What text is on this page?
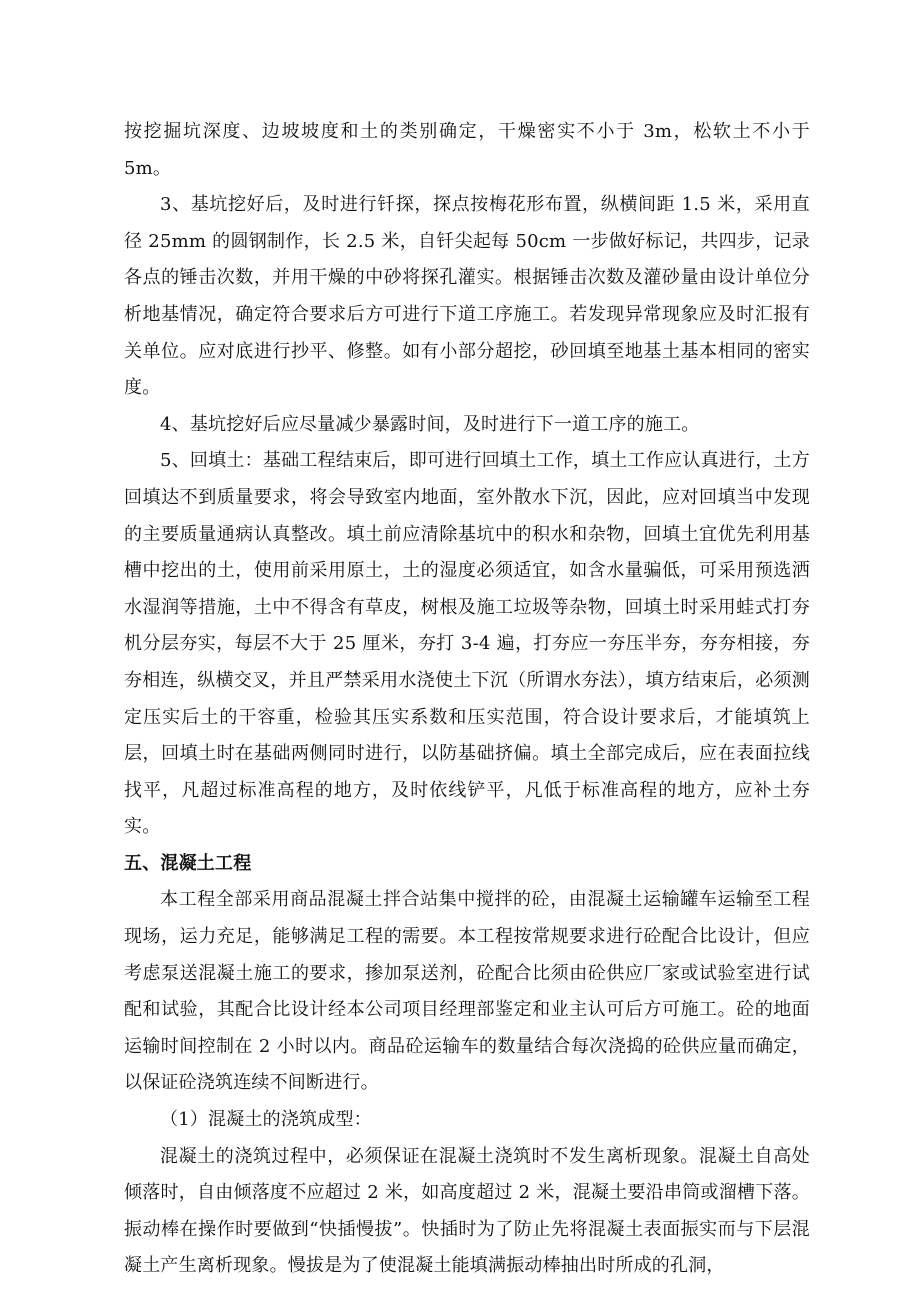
按挖掘坑深度、边坡坡度和土的类别确定，干燥密实不小于 3m，松软土不小于 5m。

3、基坑挖好后，及时进行钎探，探点按梅花形布置，纵横间距 1.5 米，采用直径 25mm 的圆钢制作，长 2.5 米，自钎尖起每 50cm 一步做好标记，共四步，记录各点的锤击次数，并用干燥的中砂将探孔灌实。根据锤击次数及灌砂量由设计单位分析地基情况，确定符合要求后方可进行下道工序施工。若发现异常现象应及时汇报有关单位。应对底进行抄平、修整。如有小部分超挖，砂回填至地基土基本相同的密实度。

4、基坑挖好后应尽量减少暴露时间，及时进行下一道工序的施工。

5、回填土：基础工程结束后，即可进行回填土工作，填土工作应认真进行，土方回填达不到质量要求，将会导致室内地面，室外散水下沉，因此，应对回填当中发现的主要质量通病认真整改。填土前应清除基坑中的积水和杂物，回填土宜优先利用基槽中挖出的土，使用前采用原土，土的湿度必须适宜，如含水量骗低，可采用预选洒水湿润等措施，土中不得含有草皮，树根及施工垃圾等杂物，回填土时采用蛙式打夯机分层夯实，每层不大于 25 厘米，夯打 3-4 遍，打夯应一夯压半夯，夯夯相接，夯夯相连，纵横交叉，并且严禁采用水浇使土下沉（所谓水夯法），填方结束后，必须测定压实后土的干容重，检验其压实系数和压实范围，符合设计要求后，才能填筑上层，回填土时在基础两侧同时进行，以防基础挤偏。填土全部完成后，应在表面拉线找平，凡超过标准高程的地方，及时依线铲平，凡低于标准高程的地方，应补土夯实。

五、混凝土工程

本工程全部采用商品混凝土拌合站集中搅拌的砼，由混凝土运输罐车运输至工程现场，运力充足，能够满足工程的需要。本工程按常规要求进行砼配合比设计，但应考虑泵送混凝土施工的要求，掺加泵送剂，砼配合比须由砼供应厂家或试验室进行试配和试验，其配合比设计经本公司项目经理部鉴定和业主认可后方可施工。砼的地面运输时间控制在 2 小时以内。商品砼运输车的数量结合每次浇捣的砼供应量而确定，以保证砼浇筑连续不间断进行。

（1）混凝土的浇筑成型：

混凝土的浇筑过程中，必须保证在混凝土浇筑时不发生离析现象。混凝土自高处倾落时，自由倾落度不应超过 2 米，如高度超过 2 米，混凝土要沿串筒或溜槽下落。振动棒在操作时要做到“快插慢拔”。快插时为了防止先将混凝土表面振实而与下层混凝土产生离析现象。慢拔是为了使混凝土能填满振动棒抽出时所成的孔洞，
